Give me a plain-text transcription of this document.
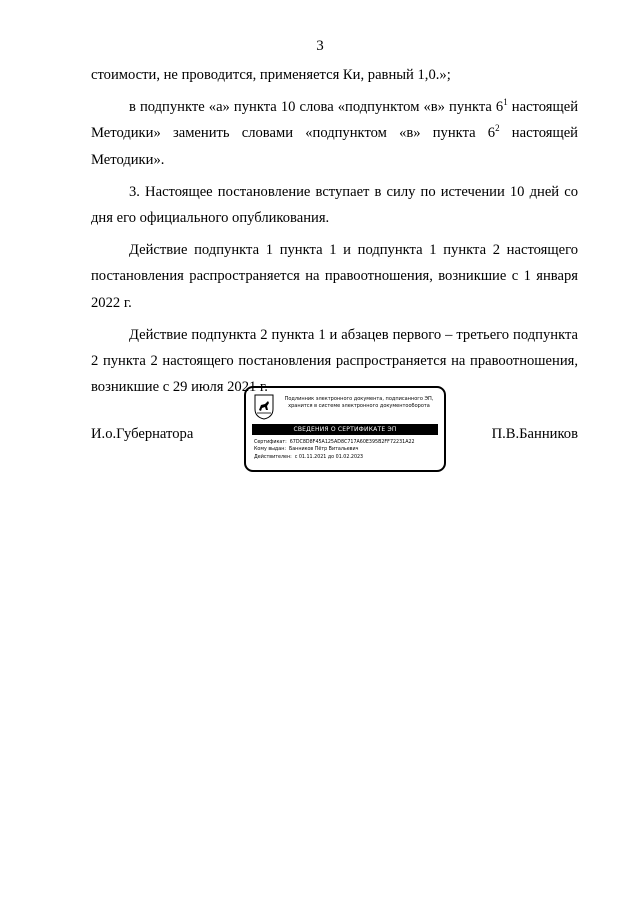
3

стоимости, не проводится, применяется Ки, равный 1,0.»;

в подпункте «а» пункта 10 слова «подпунктом «в» пункта $6^1$ настоящей Методики» заменить словами «подпунктом «в» пункта $6^2$ настоящей Методики».

3. Настоящее постановление вступает в силу по истечении 10 дней со дня его официального опубликования.

Действие подпункта 1 пункта 1 и подпункта 1 пункта 2 настоящего постановления распространяется на правоотношения, возникшие с 1 января 2022 г.

Действие подпункта 2 пункта 1 и абзацев первого – третьего подпункта 2 пункта 2 настоящего постановления распространяется на правоотношения, возникшие с 29 июля 2021 г.

И.о.Губернатора	П.В.Банников
Подлинник электронного документа, подписанного ЭП, хранится в системе электронного документооборота
СВЕДЕНИЯ О СЕРТИФИКАТЕ ЭП
Сертификат: 67DC8D8F45A125AD8C717A60E395B2FF72231A22
Кому выдан: Банников Пётр Витальевич
Действителен: с 01.11.2021 до 01.02.2023
